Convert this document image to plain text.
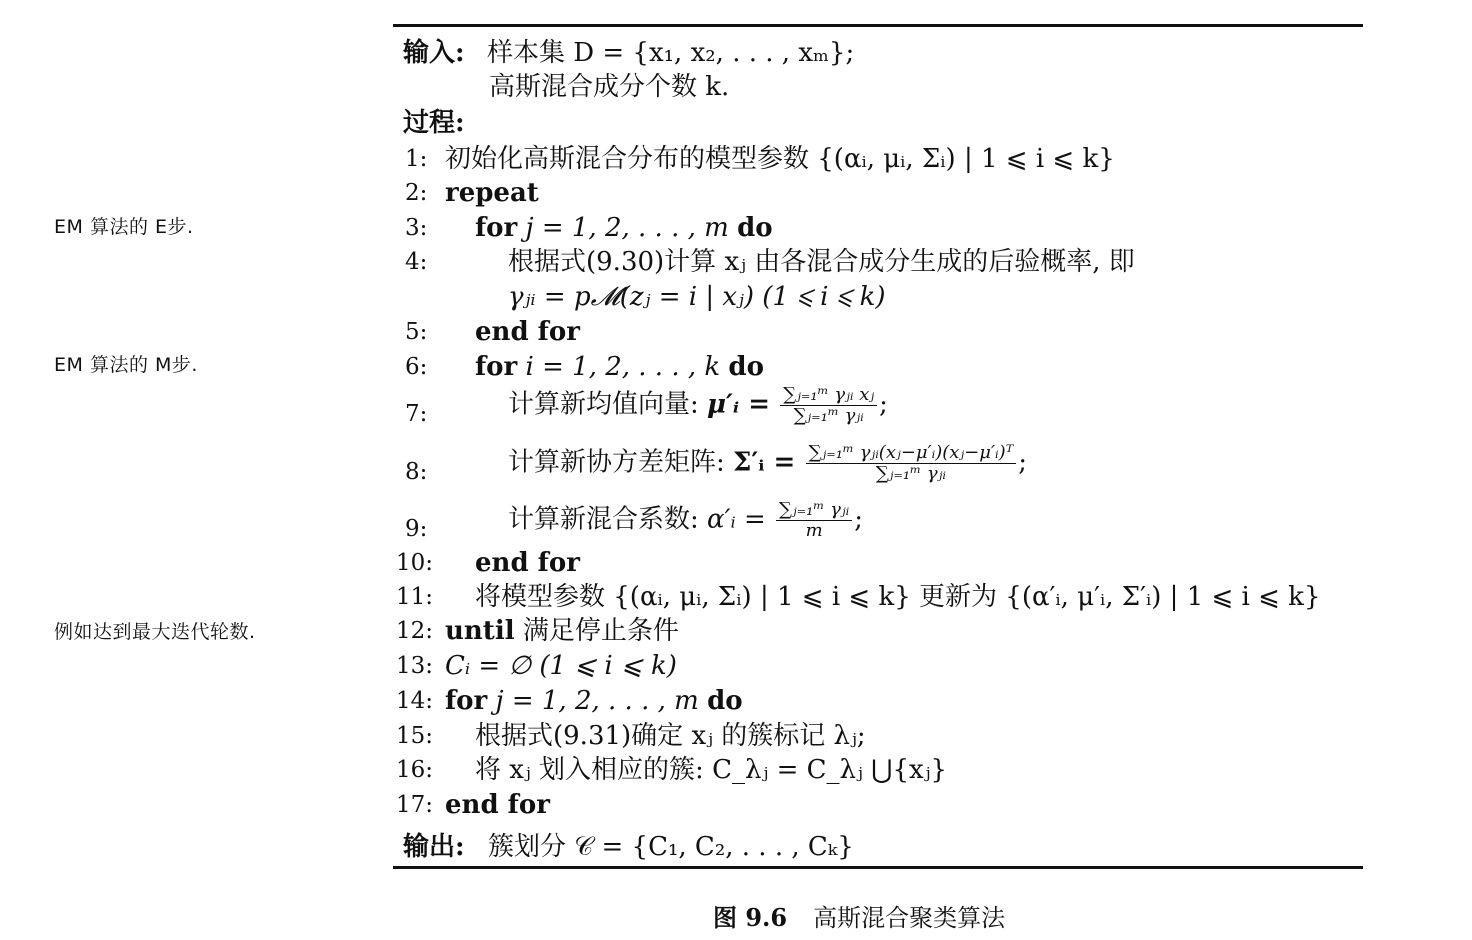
EM 算法的 E步.
EM 算法的 M步.
例如达到最大迭代轮数.
输入: 样本集 D = {x₁, x₂, . . . , xₘ};
高斯混合成分个数 k.
过程:
1: 初始化高斯混合分布的模型参数 {(αᵢ, μᵢ, Σᵢ) | 1 ⩽ i ⩽ k}
2: repeat
3:	for j = 1, 2, . . . , m do
4:	根据式(9.30)计算 xⱼ 由各混合成分生成的后验概率, 即
γⱼᵢ = p𝓜(zⱼ = i | xⱼ) (1 ⩽ i ⩽ k)
5:	end for
6:	for i = 1, 2, . . . , k do
7:	计算新均值向量: μ′ᵢ = $\frac{\text{∑ⱼ₌₁ᵐ γⱼᵢ xⱼ}}{\text{∑ⱼ₌₁ᵐ γⱼᵢ}}$ ;
8:	计算新协方差矩阵: Σ′ᵢ = $\frac{\text{∑ⱼ₌₁ᵐ γⱼᵢ(xⱼ−μ′ᵢ)(xⱼ−μ′ᵢ)ᵀ}}{\text{∑ⱼ₌₁ᵐ γⱼᵢ}}$ ;
9:	计算新混合系数: α′ᵢ = $\frac{\text{∑ⱼ₌₁ᵐ γⱼᵢ}}{m}$ ;
10: end for
11: 将模型参数 {(αᵢ, μᵢ, Σᵢ) | 1 ⩽ i ⩽ k} 更新为 {(α′ᵢ, μ′ᵢ, Σ′ᵢ) | 1 ⩽ i ⩽ k}
12: until 满足停止条件
13: Cᵢ = ∅ (1 ⩽ i ⩽ k)
14: for j = 1, 2, . . . , m do
15: 根据式(9.31)确定 xⱼ 的簇标记 λⱼ;
16: 将 xⱼ 划入相应的簇: C_λⱼ = C_λⱼ ⋃{xⱼ}
17: end for
输出: 簇划分 𝒞 = {C₁, C₂, . . . , Cₖ}
图 9.6 高斯混合聚类算法
